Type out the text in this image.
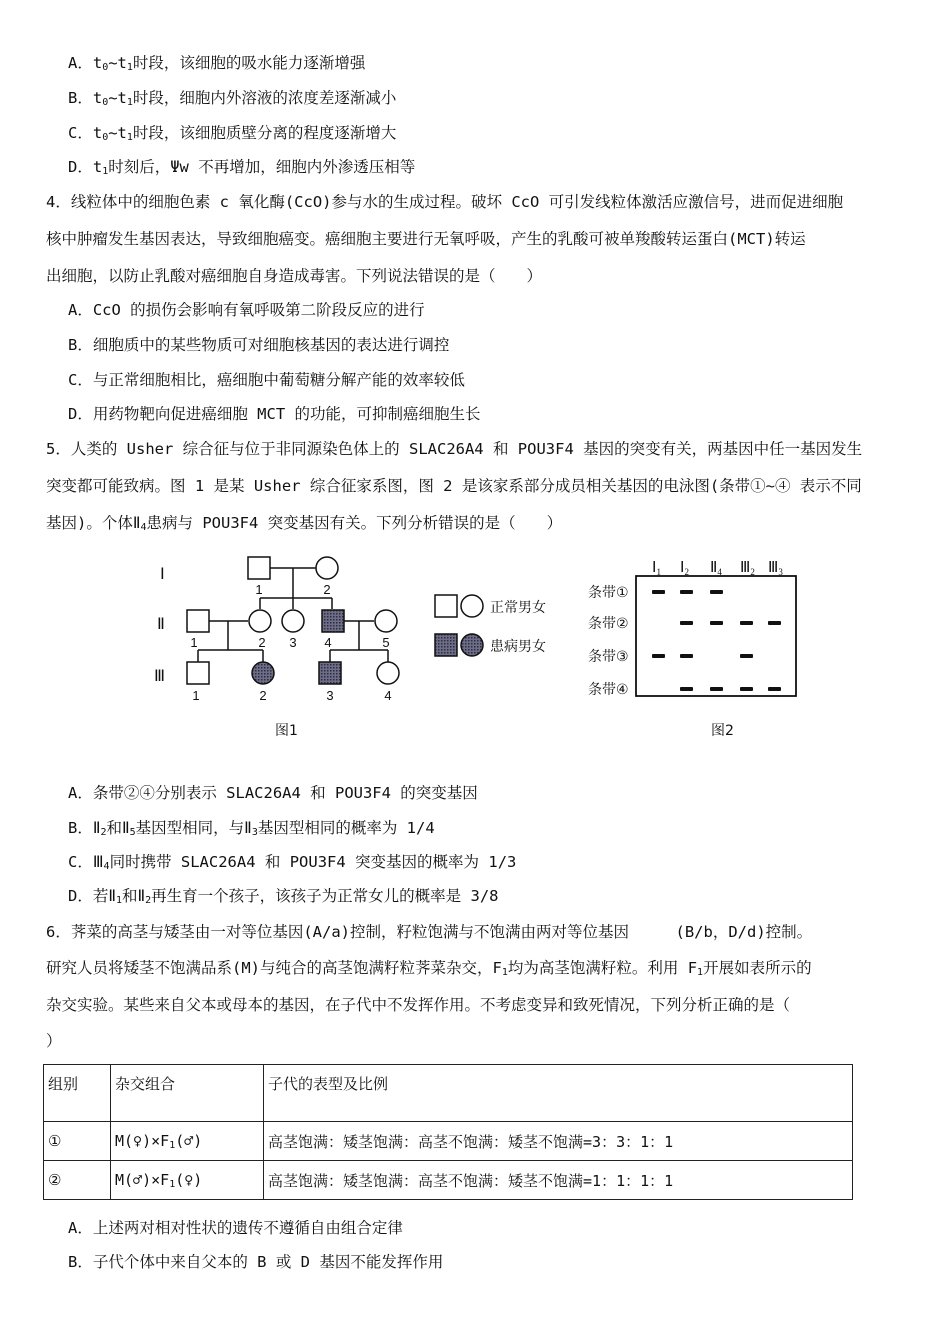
A．$t_0\sim t_1$时段，该细胞的吸水能力逐渐增强
B．$t_0\sim t_1$时段，细胞内外溶液的浓度差逐渐减小
C．$t_0\sim t_1$时段，该细胞质壁分离的程度逐渐增大
D．$t_1$时刻后，Ψw 不再增加，细胞内外渗透压相等
4．线粒体中的细胞色素 c 氧化酶(CcO)参与水的生成过程。破坏 CcO 可引发线粒体激活应激信号，进而促进细胞
核中肿瘤发生基因表达，导致细胞癌变。癌细胞主要进行无氧呼吸，产生的乳酸可被单羧酸转运蛋白(MCT)转运
出细胞，以防止乳酸对癌细胞自身造成毒害。下列说法错误的是（　　）
A．CcO 的损伤会影响有氧呼吸第二阶段反应的进行
B．细胞质中的某些物质可对细胞核基因的表达进行调控
C．与正常细胞相比，癌细胞中葡萄糖分解产能的效率较低
D．用药物靶向促进癌细胞 MCT 的功能，可抑制癌细胞生长
5．人类的 Usher 综合征与位于非同源染色体上的 SLAC26A4 和 POU3F4 基因的突变有关，两基因中任一基因发生
突变都可能致病。图 1 是某 Usher 综合征家系图，图 2 是该家系部分成员相关基因的电泳图(条带①~④ 表示不同
基因)。个体$Ⅱ_4$患病与 POU3F4 突变基因有关。下列分析错误的是（　　）
Ⅰ
Ⅱ
Ⅲ
1	2
1	2 3 4	5
1	2	3	4
正常男女
患病男女
图1
$Ⅰ_1$ $Ⅰ_2$ $Ⅱ_4$ $Ⅲ_2$ $Ⅲ_3$
条带①
条带②
条带③
条带④
图2
A．条带②④分别表示 SLAC26A4 和 POU3F4 的突变基因
B．$Ⅱ_2$和$Ⅱ_5$基因型相同，与$Ⅱ_3$基因型相同的概率为 1/4
C．$Ⅲ_4$同时携带 SLAC26A4 和 POU3F4 突变基因的概率为 1/3
D．若$Ⅱ_1$和$Ⅱ_2$再生育一个孩子，该孩子为正常女儿的概率是 3/8
6．荠菜的高茎与矮茎由一对等位基因(A/a)控制，籽粒饱满与不饱满由两对等位基因　　　(B/b，D/d)控制。
研究人员将矮茎不饱满品系(M)与纯合的高茎饱满籽粒荠菜杂交，$F_1$均为高茎饱满籽粒。利用 $F_1$开展如表所示的
杂交实验。某些来自父本或母本的基因，在子代中不发挥作用。不考虑变异和致死情况，下列分析正确的是（
）
组别	杂交组合	子代的表型及比例
①	$M(♀)\times F_1(♂)$	高茎饱满：矮茎饱满：高茎不饱满：矮茎不饱满=3：3：1：1
②	$M(♂)\times F_1(♀)$	高茎饱满：矮茎饱满：高茎不饱满：矮茎不饱满=1：1：1：1
A．上述两对相对性状的遗传不遵循自由组合定律
B．子代个体中来自父本的 B 或 D 基因不能发挥作用
